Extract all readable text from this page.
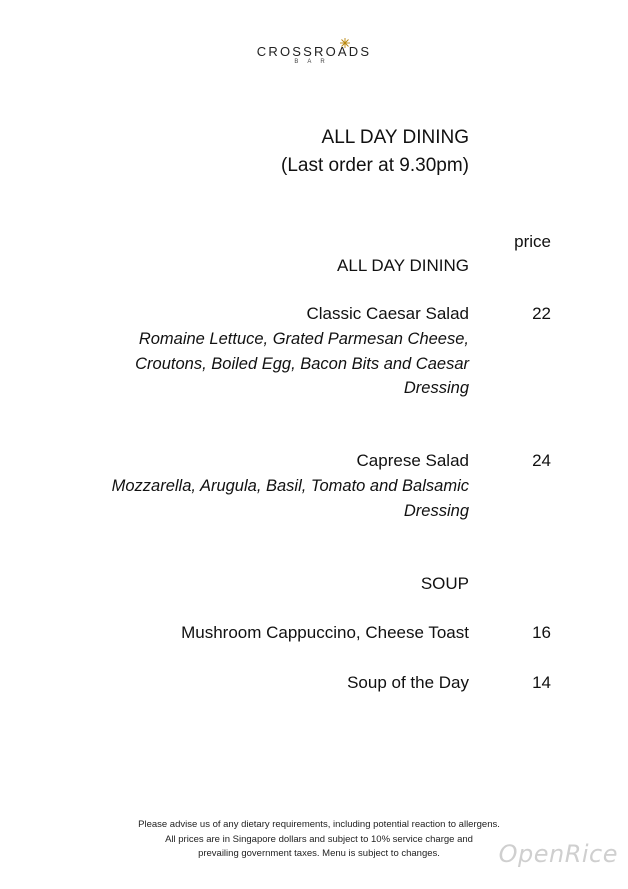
CROSSROADS
BAR
ALL DAY DINING
(Last order at 9.30pm)
price
ALL DAY DINING
Classic Caesar Salad	22
Romaine Lettuce, Grated Parmesan Cheese,
Croutons, Boiled Egg, Bacon Bits and Caesar
Dressing
Caprese Salad	24
Mozzarella, Arugula, Basil, Tomato and Balsamic
Dressing
SOUP
Mushroom Cappuccino, Cheese Toast	16
Soup of the Day	14
Please advise us of any dietary requirements, including potential reaction to allergens.
All prices are in Singapore dollars and subject to 10% service charge and
prevailing government taxes. Menu is subject to changes.	OpenRice
